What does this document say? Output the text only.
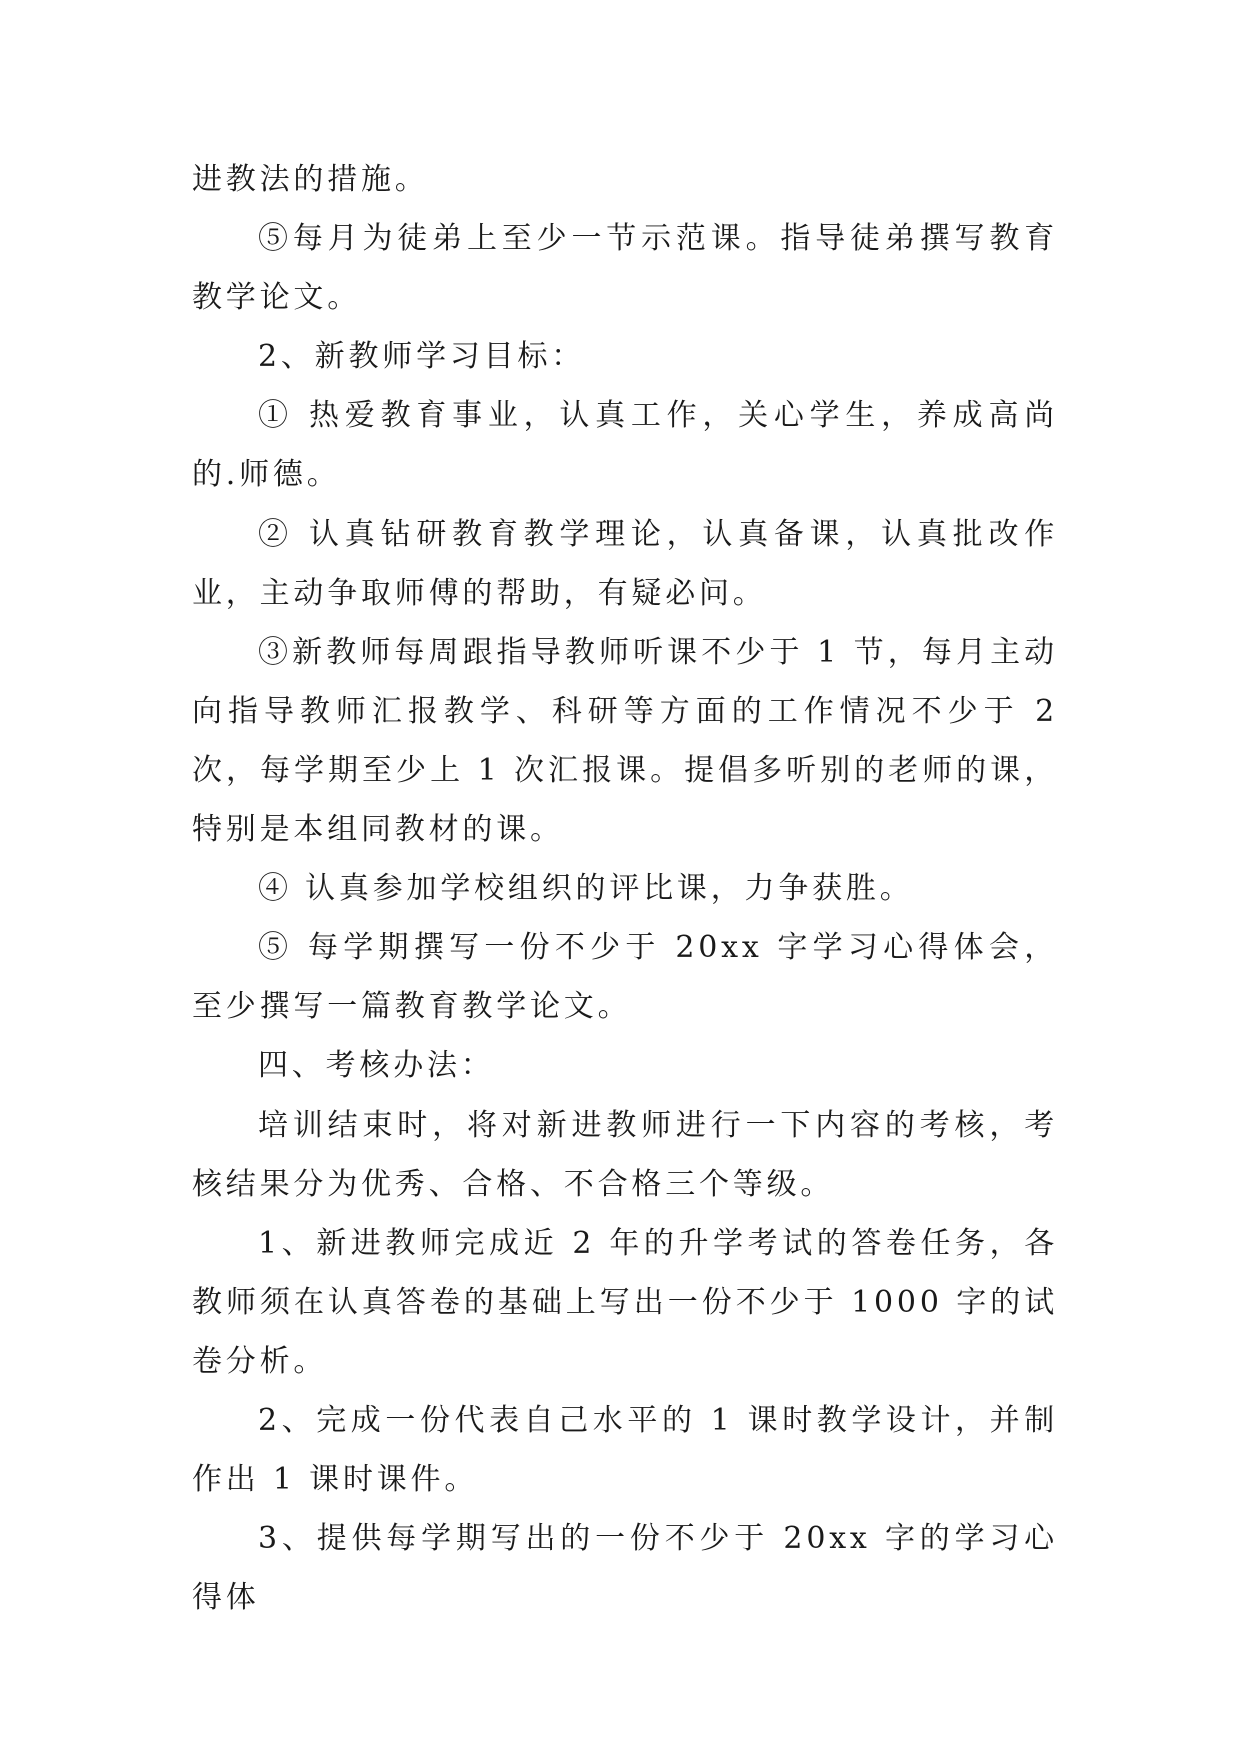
进教法的措施。

⑤每月为徒弟上至少一节示范课。指导徒弟撰写教育教学论文。

2、新教师学习目标：

① 热爱教育事业，认真工作，关心学生，养成高尚的.师德。

② 认真钻研教育教学理论，认真备课，认真批改作业，主动争取师傅的帮助，有疑必问。

③新教师每周跟指导教师听课不少于 1 节，每月主动向指导教师汇报教学、科研等方面的工作情况不少于 2 次，每学期至少上 1 次汇报课。提倡多听别的老师的课，特别是本组同教材的课。

④ 认真参加学校组织的评比课，力争获胜。

⑤ 每学期撰写一份不少于 20xx 字学习心得体会，至少撰写一篇教育教学论文。

四、考核办法：

培训结束时，将对新进教师进行一下内容的考核，考核结果分为优秀、合格、不合格三个等级。

1、新进教师完成近 2 年的升学考试的答卷任务，各教师须在认真答卷的基础上写出一份不少于 1000 字的试卷分析。

2、完成一份代表自己水平的 1 课时教学设计，并制作出 1 课时课件。

3、提供每学期写出的一份不少于 20xx 字的学习心得体
